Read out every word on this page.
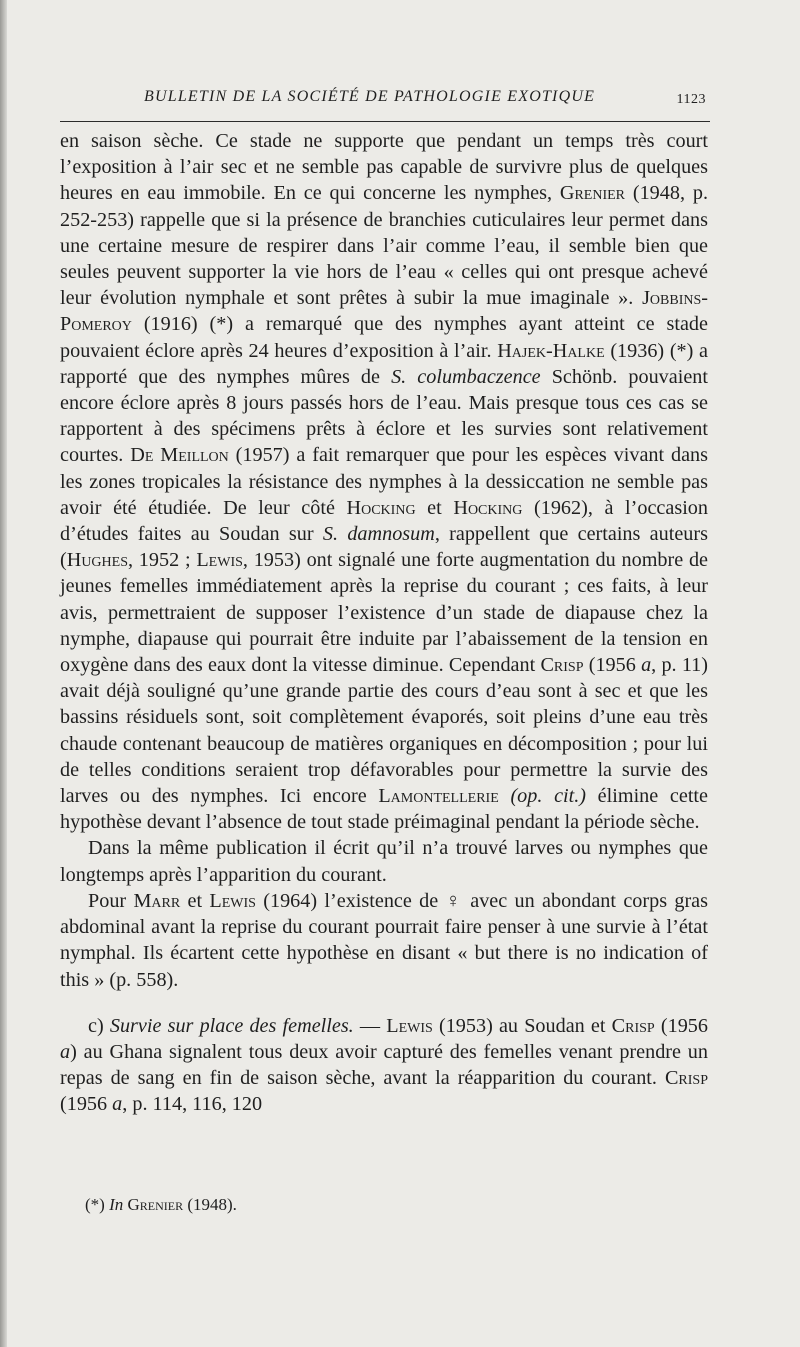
BULLETIN DE LA SOCIÉTÉ DE PATHOLOGIE EXOTIQUE	1123

en saison sèche. Ce stade ne supporte que pendant un temps très court l’exposition à l’air sec et ne semble pas capable de survivre plus de quelques heures en eau immobile. En ce qui concerne les nymphes, Grenier (1948, p. 252-253) rappelle que si la présence de branchies cuticulaires leur permet dans une certaine mesure de respirer dans l’air comme l’eau, il semble bien que seules peuvent supporter la vie hors de l’eau « celles qui ont presque achevé leur évolution nymphale et sont prêtes à subir la mue imaginale ». Jobbins-Pomeroy (1916) (*) a remarqué que des nymphes ayant atteint ce stade pouvaient éclore après 24 heures d’exposition à l’air. Hajek-Halke (1936) (*) a rapporté que des nymphes mûres de S. columbaczence Schönb. pouvaient encore éclore après 8 jours passés hors de l’eau. Mais presque tous ces cas se rapportent à des spécimens prêts à éclore et les survies sont relativement courtes. De Meillon (1957) a fait remarquer que pour les espèces vivant dans les zones tropicales la résistance des nymphes à la dessiccation ne semble pas avoir été étudiée. De leur côté Hocking et Hocking (1962), à l’occasion d’études faites au Soudan sur S. damnosum, rappellent que certains auteurs (Hughes, 1952 ; Lewis, 1953) ont signalé une forte augmentation du nombre de jeunes femelles immédiatement après la reprise du courant ; ces faits, à leur avis, permettraient de supposer l’existence d’un stade de diapause chez la nymphe, diapause qui pourrait être induite par l’abaissement de la tension en oxygène dans des eaux dont la vitesse diminue. Cependant Crisp (1956 a, p. 11) avait déjà souligné qu’une grande partie des cours d’eau sont à sec et que les bassins résiduels sont, soit complètement évaporés, soit pleins d’une eau très chaude contenant beaucoup de matières organiques en décomposition ; pour lui de telles conditions seraient trop défavorables pour permettre la survie des larves ou des nymphes. Ici encore Lamontellerie (op. cit.) élimine cette hypothèse devant l’absence de tout stade préimaginal pendant la période sèche.

Dans la même publication il écrit qu’il n’a trouvé larves ou nymphes que longtemps après l’apparition du courant.

Pour Marr et Lewis (1964) l’existence de ♀ avec un abondant corps gras abdominal avant la reprise du courant pourrait faire penser à une survie à l’état nymphal. Ils écartent cette hypothèse en disant « but there is no indication of this » (p. 558).

c) Survie sur place des femelles. — Lewis (1953) au Soudan et Crisp (1956 a) au Ghana signalent tous deux avoir capturé des femelles venant prendre un repas de sang en fin de saison sèche, avant la réapparition du courant. Crisp (1956 a, p. 114, 116, 120

(*) In Grenier (1948).
